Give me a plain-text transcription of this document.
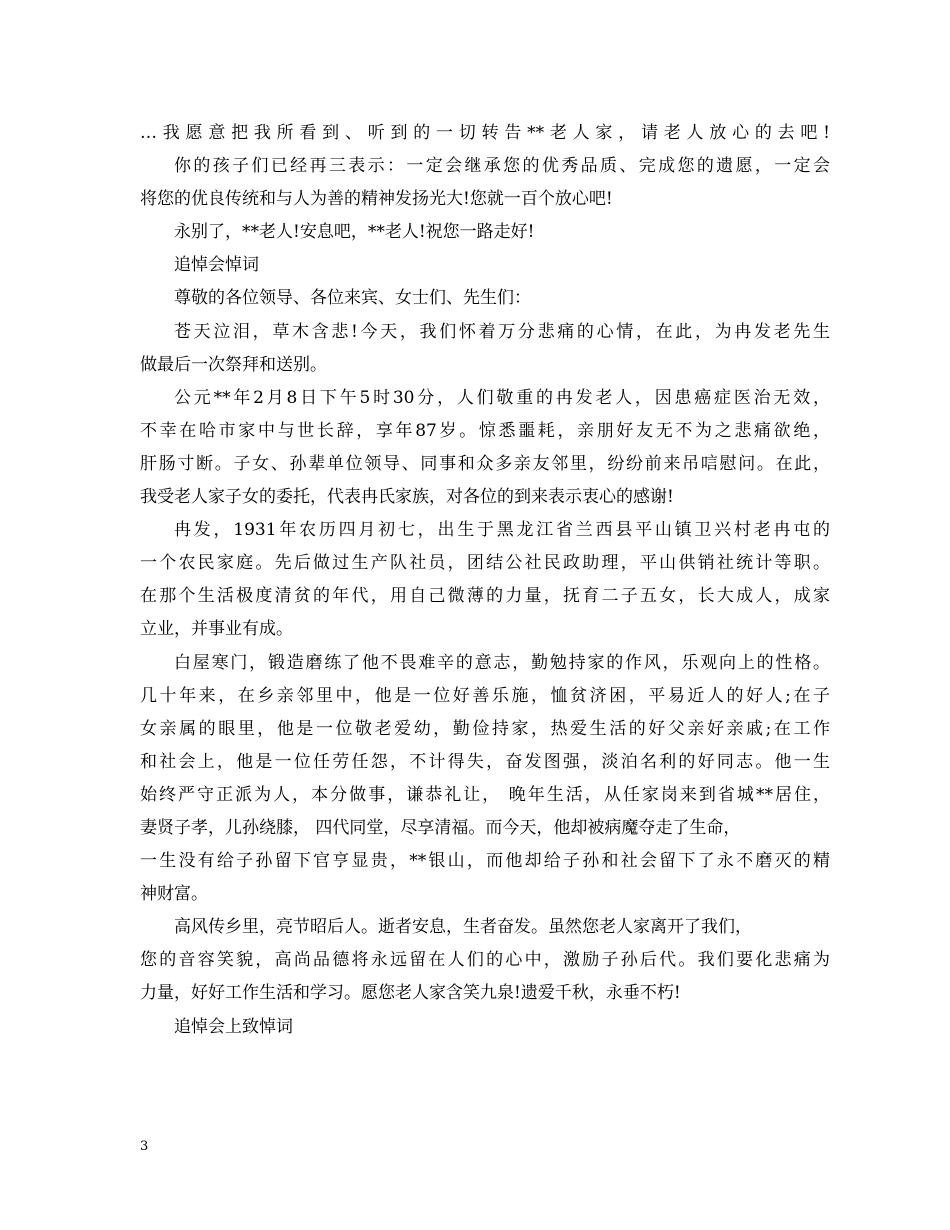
…我愿意把我所看到、听到的一切转告**老人家，请老人放心的去吧!
你的孩子们已经再三表示：一定会继承您的优秀品质、完成您的遗愿，一定会
将您的优良传统和与人为善的精神发扬光大!您就一百个放心吧!
永别了，**老人!安息吧，**老人!祝您一路走好!
追悼会悼词
尊敬的各位领导、各位来宾、女士们、先生们：
苍天泣泪，草木含悲!今天，我们怀着万分悲痛的心情，在此，为冉发老先生
做最后一次祭拜和送别。
公元**年2月8日下午5时30分，人们敬重的冉发老人，因患癌症医治无效，
不幸在哈市家中与世长辞，享年87岁。惊悉噩耗，亲朋好友无不为之悲痛欲绝，
肝肠寸断。子女、孙辈单位领导、同事和众多亲友邻里，纷纷前来吊唁慰问。在此，
我受老人家子女的委托，代表冉氏家族，对各位的到来表示衷心的感谢!
冉发，1931年农历四月初七，出生于黑龙江省兰西县平山镇卫兴村老冉屯的
一个农民家庭。先后做过生产队社员，团结公社民政助理，平山供销社统计等职。
在那个生活极度清贫的年代，用自己微薄的力量，抚育二子五女，长大成人，成家
立业，并事业有成。
白屋寒门，锻造磨练了他不畏难辛的意志，勤勉持家的作风，乐观向上的性格。
几十年来，在乡亲邻里中，他是一位好善乐施，恤贫济困，平易近人的好人;在子
女亲属的眼里，他是一位敬老爱幼，勤俭持家，热爱生活的好父亲好亲戚;在工作
和社会上，他是一位任劳任怨，不计得失，奋发图强，淡泊名利的好同志。他一生
始终严守正派为人，本分做事，谦恭礼让， 晚年生活，从任家岗来到省城**居住，
妻贤子孝，儿孙绕膝， 四代同堂，尽享清福。而今天，他却被病魔夺走了生命，
一生没有给子孙留下官亨显贵，**银山，而他却给子孙和社会留下了永不磨灭的精
神财富。
高风传乡里，亮节昭后人。逝者安息，生者奋发。虽然您老人家离开了我们，
您的音容笑貌，高尚品德将永远留在人们的心中，激励子孙后代。我们要化悲痛为
力量，好好工作生活和学习。愿您老人家含笑九泉!遗爱千秋，永垂不朽!
追悼会上致悼词
3
